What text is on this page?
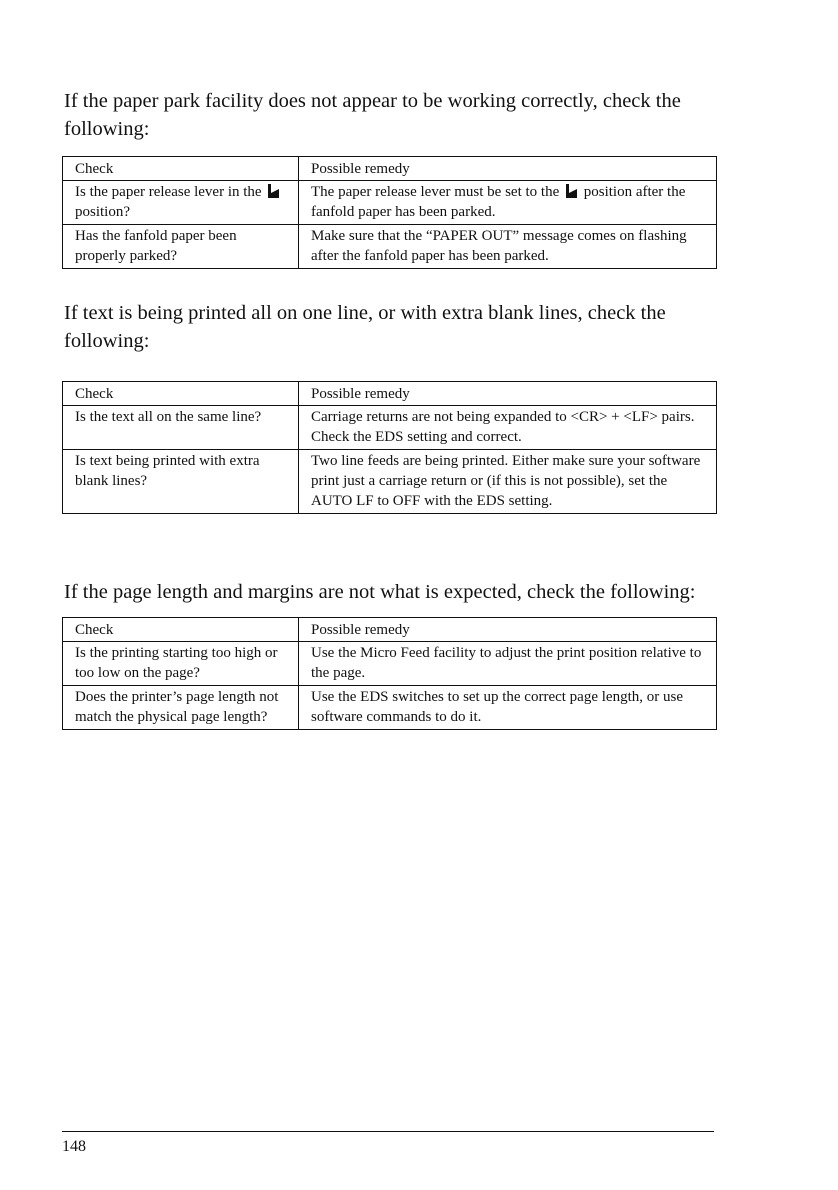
If the paper park facility does not appear to be working correctly, check the following:

Check	Possible remedy
Is the paper release lever in the  position?	The paper release lever must be set to the position after the fanfold paper has been parked.
Has the fanfold paper been properly parked?	Make sure that the “PAPER OUT” message comes on flashing after the fanfold paper has been parked.

If text is being printed all on one line, or with extra blank lines, check the following:

Check	Possible remedy
Is the text all on the same line?	Carriage returns are not being expanded to <CR> + <LF> pairs. Check the EDS setting and correct.
Is text being printed with extra blank lines?	Two line feeds are being printed. Either make sure your software print just a carriage return or (if this is not possible), set the AUTO LF to OFF with the EDS setting.

If the page length and margins are not what is expected, check the following:

Check	Possible remedy
Is the printing starting too high or too low on the page?	Use the Micro Feed facility to adjust the print position relative to the page.
Does the printer’s page length not match the physical page length?	Use the EDS switches to set up the correct page length, or use software commands to do it.
148
